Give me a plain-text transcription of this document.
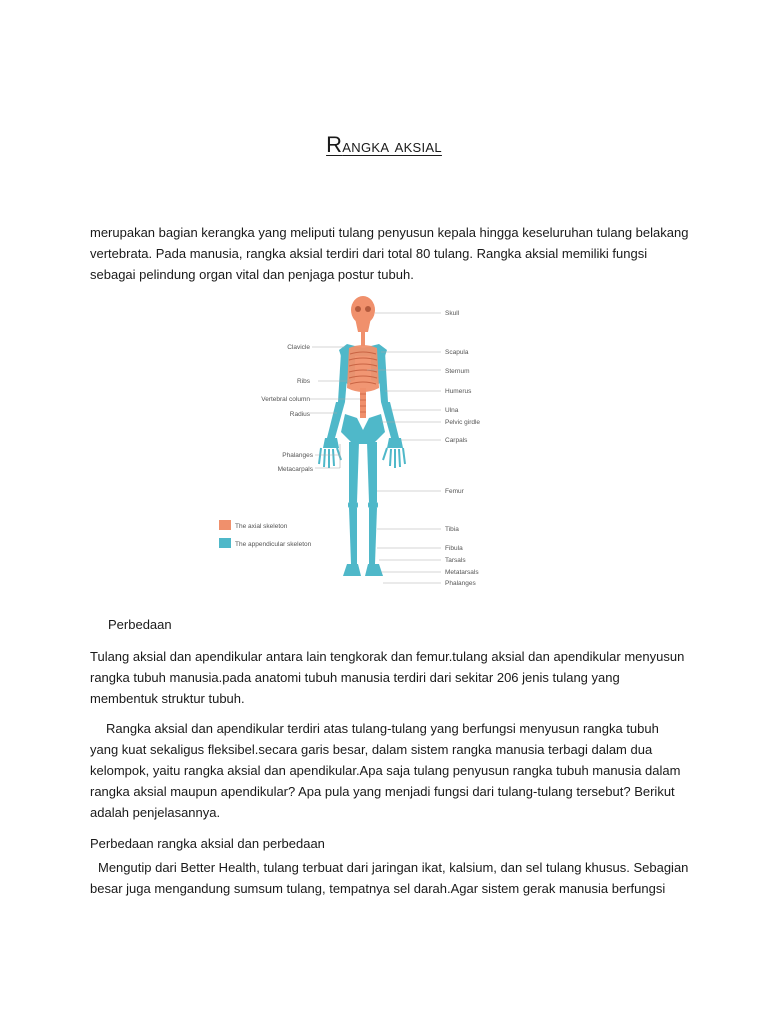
Rangka aksial

merupakan bagian kerangka yang meliputi tulang penyusun kepala hingga keseluruhan tulang belakang vertebrata. Pada manusia, rangka aksial terdiri dari total 80 tulang. Rangka aksial memiliki fungsi sebagai pelindung organ vital dan penjaga postur tubuh.

Clavicle
Ribs
Vertebral column
Radius
Phalanges
Metacarpals
Skull
Scapula
Sternum
Humerus
Ulna
Pelvic girdle
Carpals
Femur
Tibia
Fibula
Tarsals
Metatarsals
Phalanges
The axial skeleton
The appendicular skeleton

Perbedaan

Tulang aksial dan apendikular antara lain tengkorak dan femur.tulang aksial dan apendikular menyusun rangka tubuh manusia.pada anatomi tubuh manusia terdiri dari sekitar 206 jenis tulang yang membentuk struktur tubuh.

Rangka aksial dan apendikular terdiri atas tulang-tulang yang berfungsi menyusun rangka tubuh yang kuat sekaligus fleksibel.secara garis besar, dalam sistem rangka manusia terbagi dalam dua kelompok, yaitu rangka aksial dan apendikular.Apa saja tulang penyusun rangka tubuh manusia dalam rangka aksial maupun apendikular? Apa pula yang menjadi fungsi dari tulang-tulang tersebut? Berikut adalah penjelasannya.

Perbedaan rangka aksial dan perbedaan

Mengutip dari Better Health, tulang terbuat dari jaringan ikat, kalsium, dan sel tulang khusus. Sebagian besar juga mengandung sumsum tulang, tempatnya sel darah.Agar sistem gerak manusia berfungsi
